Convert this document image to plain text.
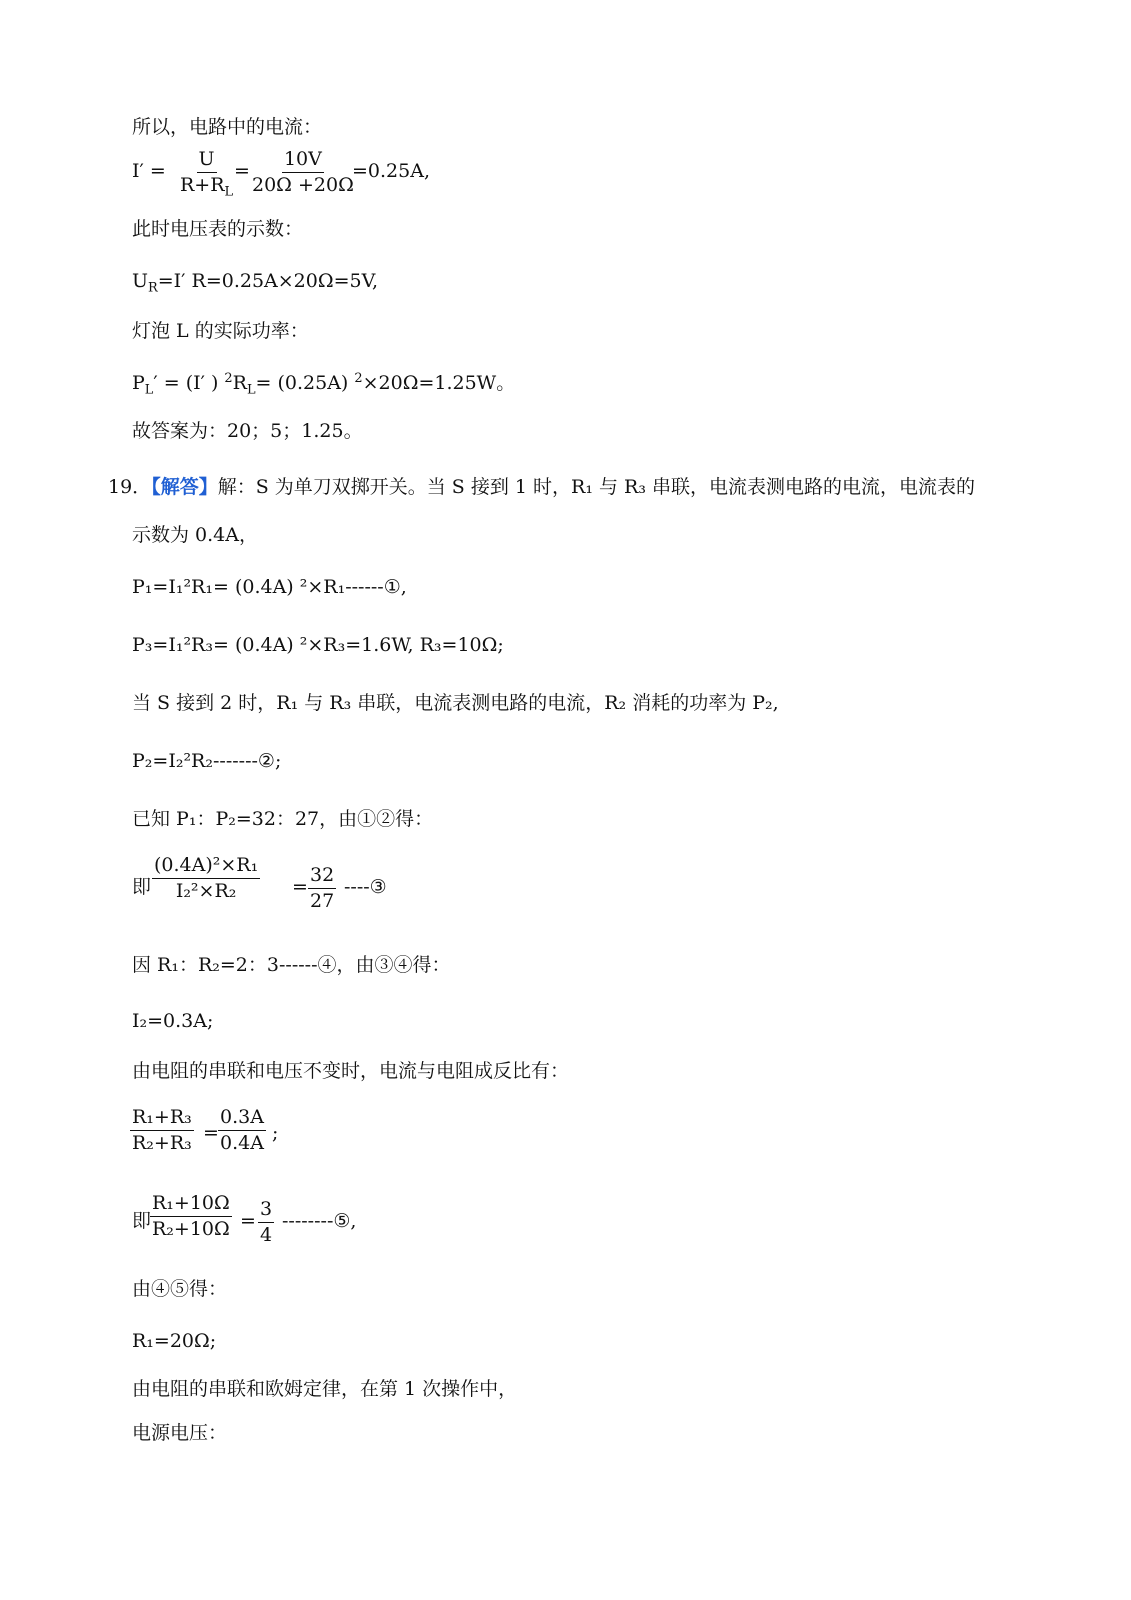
所以，电路中的电流：
$I' = \frac{U}{R+R_L}$
= $\frac{10V}{20\Omega +20\Omega}$
=0.25A,
此时电压表的示数：
$U_R=I'$ R=0.25A×20Ω=5V,
灯泡 L 的实际功率：
$P_L' = (I'$ ) $^2R_L= (0.25A)$ $^2$×20Ω=1.25W。
故答案为：20；5；1.25。
19．【解答】解：S 为单刀双掷开关。当 S 接到 1 时，R₁ 与 R₃ 串联，电流表测电路的电流，电流表的
示数为 0.4A，
P₁=I₁²R₁= (0.4A) ²×R₁------①,
P₃=I₁²R₃= (0.4A) ²×R₃=1.6W, R₃=10Ω;
当 S 接到 2 时，R₁ 与 R₃ 串联，电流表测电路的电流，R₂ 消耗的功率为 P₂,
P₂=I₂²R₂-------②;
已知 P₁：P₂=32：27，由①②得：
即 $\frac{\text{(0.4A)²×R₁}}{\text{I₂²×R₂}} = \frac{32}{27}$ ----③
因 R₁：R₂=2：3------④，由③④得：
I₂=0.3A;
由电阻的串联和电压不变时，电流与电阻成反比有：
$\frac{\text{R₁+R₃}}{\text{R₂+R₃}} = \frac{0.3A}{0.4A}$ ;
即
$\frac{\text{R₁+10Ω}}{\text{R₂+10Ω}} = \frac{3}{4}$ --------⑤,
由④⑤得：
R₁=20Ω;
由电阻的串联和欧姆定律，在第 1 次操作中，
电源电压：
